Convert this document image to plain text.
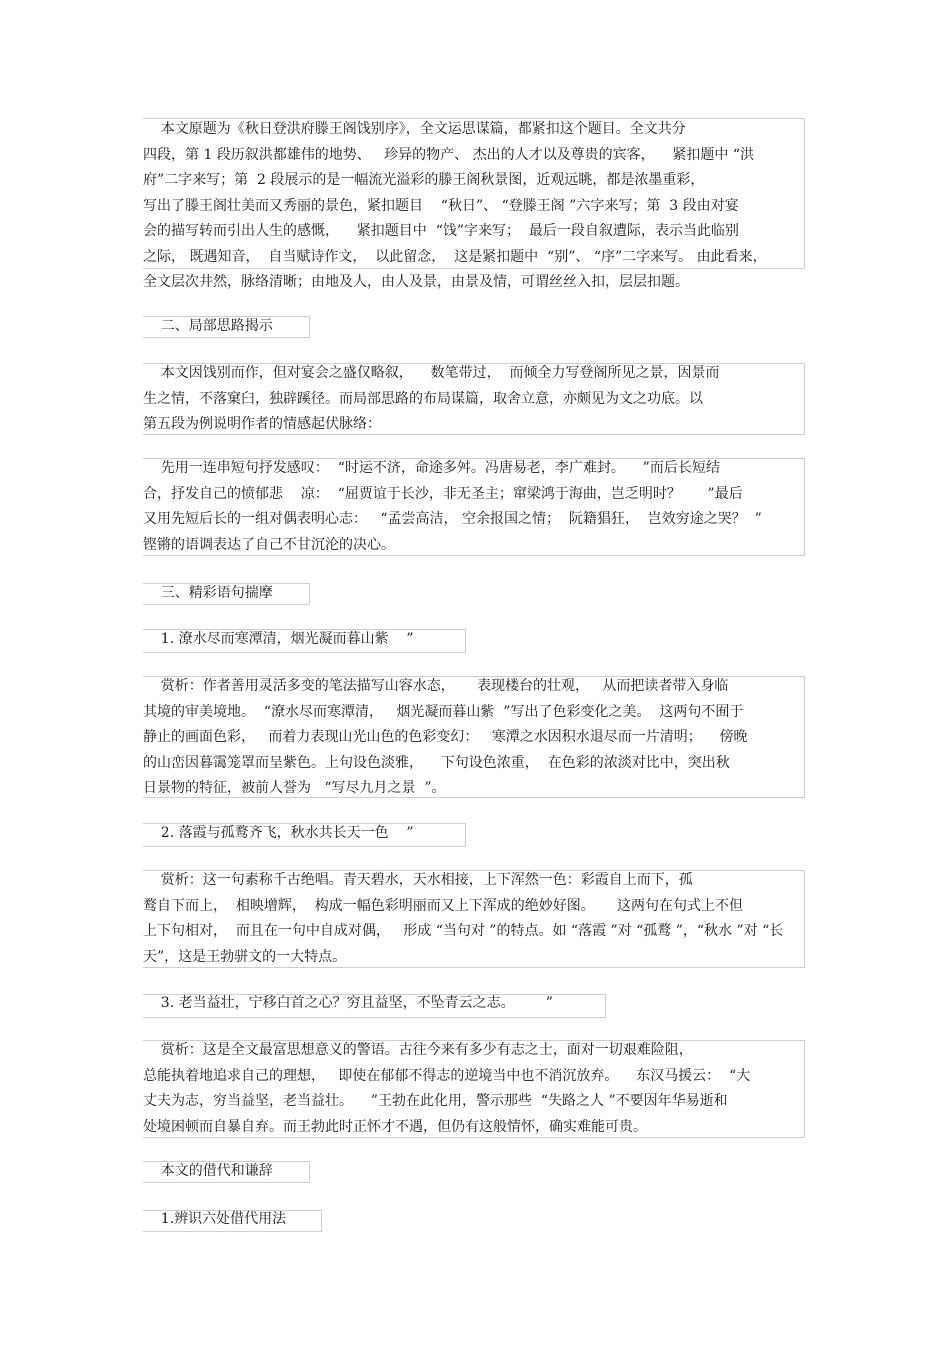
本文原题为《秋日登洪府滕王阁饯别序》，全文运思谋篇，都紧扣这个题目。全文共分
四段，第 1 段历叙洪都雄伟的地势、   珍异的物产、 杰出的人才以及尊贵的宾客，    紧扣题中 “洪
府”二字来写；第  2 段展示的是一幅流光溢彩的滕王阁秋景图，近观远眺，都是浓墨重彩，
写出了滕王阁壮美而又秀丽的景色，紧扣题目    “秋日”、 “登滕王阁 ”六字来写；第  3 段由对宴
会的描写转而引出人生的感慨，    紧扣题目中  “饯”字来写；  最后一段自叙遭际，表示当此临别
之际， 既遇知音，  自当赋诗作文，  以此留念，  这是紧扣题中  “别”、 “序”二字来写。 由此看来，
全文层次井然，脉络清晰；由地及人，由人及景，由景及情，可谓丝丝入扣，层层扣题。
二、局部思路揭示
本文因饯别而作，但对宴会之盛仅略叙，    数笔带过，  而倾全力写登阁所见之景，因景而
生之情，不落窠臼，独辟蹊径。而局部思路的布局谋篇，取舍立意，亦颇见为文之功底。以
第五段为例说明作者的情感起伏脉络：
先用一连串短句抒发感叹：  “时运不济，命途多舛。冯唐易老，李广难封。    ”而后长短结
合，抒发自己的愤郁悲    凉：  “屈贾谊于长沙，非无圣主；窜梁鸿于海曲，岂乏明时？      ”最后
又用先短后长的一组对偶表明心志：   “孟尝高洁， 空余报国之情；  阮籍猖狂，  岂效穷途之哭？  ”
铿锵的语调表达了自己不甘沉沦的决心。
三、精彩语句揣摩
1. 潦水尽而寒潭清，烟光凝而暮山紫    ”
赏析：作者善用灵活多变的笔法描写山容水态，     表现楼台的壮观，   从而把读者带入身临
其境的审美境地。  “潦水尽而寒潭清，   烟光凝而暮山紫  ”写出了色彩变化之美。  这两句不囿于
静止的画面色彩，   而着力表现山光山色的色彩变幻：   寒潭之水因积水退尽而一片清明；    傍晚
的山峦因暮霭笼罩而呈紫色。上句设色淡雅，    下句设色浓重，  在色彩的浓淡对比中，突出秋
日景物的特征，被前人誉为   “写尽九月之景  ”。
2. 落霞与孤鹜齐飞，秋水共长天一色    ”
赏析：这一句素称千古绝唱。青天碧水，天水相接，上下浑然一色：彩霞自上而下，孤
鹜自下而上，  相映增辉，  构成一幅色彩明丽而又上下浑成的绝妙好图。     这两句在句式上不但
上下句相对，  而且在一句中自成对偶，   形成 “当句对 ”的特点。如 “落霞 ”对 “孤鹜 ”，“秋水 ”对 “长
天”，这是王勃骈文的一大特点。
3. 老当益壮，宁移白首之心？穷且益坚，不坠青云之志。       ”
赏析：这是全文最富思想意义的警语。古往今来有多少有志之士，面对一切艰难险阻，
总能执着地追求自己的理想，   即使在郁郁不得志的逆境当中也不消沉放弃。    东汉马援云：  “大
丈夫为志，穷当益坚，老当益壮。    ”王勃在此化用，警示那些  “失路之人 ”不要因年华易逝和
处境困顿而自暴自弃。而王勃此时正怀才不遇，但仍有这般情怀，确实难能可贵。
本文的借代和谦辞
1.辨识六处借代用法
